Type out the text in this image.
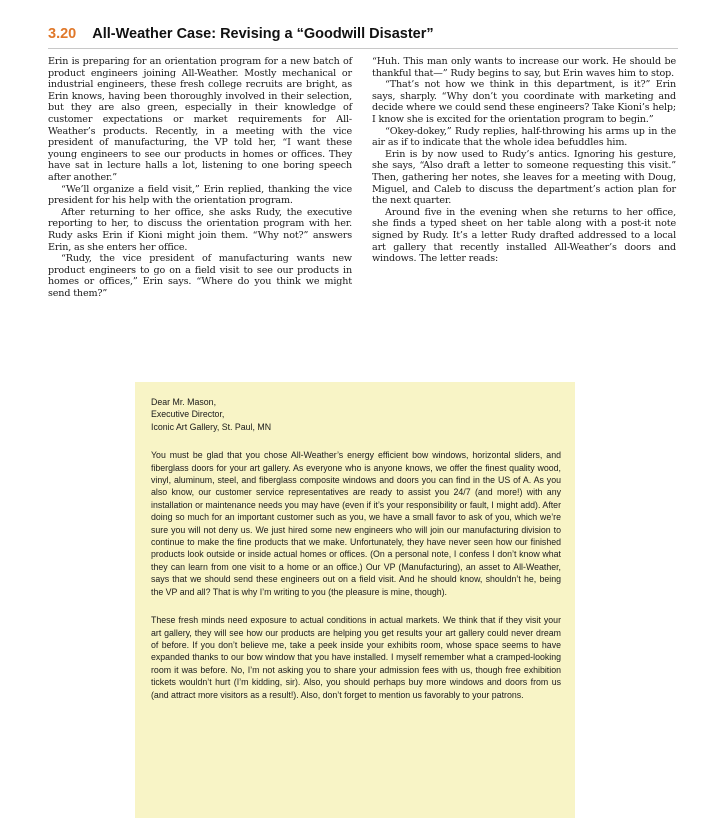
3.20 All-Weather Case: Revising a “Goodwill Disaster”

Erin is preparing for an orientation program for a new batch of product engineers joining All-Weather. Mostly mechanical or industrial engineers, these fresh college recruits are bright, as Erin knows, having been thoroughly involved in their selection, but they are also green, especially in their knowledge of customer expectations or market requirements for All-Weather’s products. Recently, in a meeting with the vice president of manufacturing, the VP told her, “I want these young engineers to see our products in homes or offices. They have sat in lecture halls a lot, listening to one boring speech after another.”

“We’ll organize a field visit,” Erin replied, thanking the vice president for his help with the orientation program.

After returning to her office, she asks Rudy, the executive reporting to her, to discuss the orientation program with her. Rudy asks Erin if Kioni might join them. “Why not?” answers Erin, as she enters her office.

“Rudy, the vice president of manufacturing wants new product engineers to go on a field visit to see our products in homes or offices,” Erin says. “Where do you think we might send them?”

“Huh. This man only wants to increase our work. He should be thankful that—” Rudy begins to say, but Erin waves him to stop.

“That’s not how we think in this department, is it?” Erin says, sharply. “Why don’t you coordinate with marketing and decide where we could send these engineers? Take Kioni’s help; I know she is excited for the orientation program to begin.”

“Okey-dokey,” Rudy replies, half-throwing his arms up in the air as if to indicate that the whole idea befuddles him.

Erin is by now used to Rudy’s antics. Ignoring his gesture, she says, “Also draft a letter to someone requesting this visit.” Then, gathering her notes, she leaves for a meeting with Doug, Miguel, and Caleb to discuss the department’s action plan for the next quarter.

Around five in the evening when she returns to her office, she finds a typed sheet on her table along with a post-it note signed by Rudy. It’s a letter Rudy drafted addressed to a local art gallery that recently installed All-Weather’s doors and windows. The letter reads:

Dear Mr. Mason,
Executive Director,
Iconic Art Gallery, St. Paul, MN

You must be glad that you chose All-Weather’s energy efficient bow windows, horizontal sliders, and fiberglass doors for your art gallery. As everyone who is anyone knows, we offer the finest quality wood, vinyl, aluminum, steel, and fiberglass composite windows and doors you can find in the US of A. As you also know, our customer service representatives are ready to assist you 24/7 (and more!) with any installation or maintenance needs you may have (even if it’s your responsibility or fault, I might add). After doing so much for an important customer such as you, we have a small favor to ask of you, which we’re sure you will not deny us. We just hired some new engineers who will join our manufacturing division to continue to make the fine products that we make. Unfortunately, they have never seen how our finished products look outside or inside actual homes or offices. (On a personal note, I confess I don’t know what they can learn from one visit to a home or an office.) Our VP (Manufacturing), an asset to All-Weather, says that we should send these engineers out on a field visit. And he should know, shouldn’t he, being the VP and all? That is why I’m writing to you (the pleasure is mine, though).

These fresh minds need exposure to actual conditions in actual markets. We think that if they visit your art gallery, they will see how our products are helping you get results your art gallery could never dream of before. If you don’t believe me, take a peek inside your exhibits room, whose space seems to have expanded thanks to our bow window that you have installed. I myself remember what a cramped-looking room it was before. No, I’m not asking you to share your admission fees with us, though free exhibition tickets wouldn’t hurt (I’m kidding, sir). Also, you should perhaps buy more windows and doors from us (and attract more visitors as a result!). Also, don’t forget to mention us favorably to your patrons.
